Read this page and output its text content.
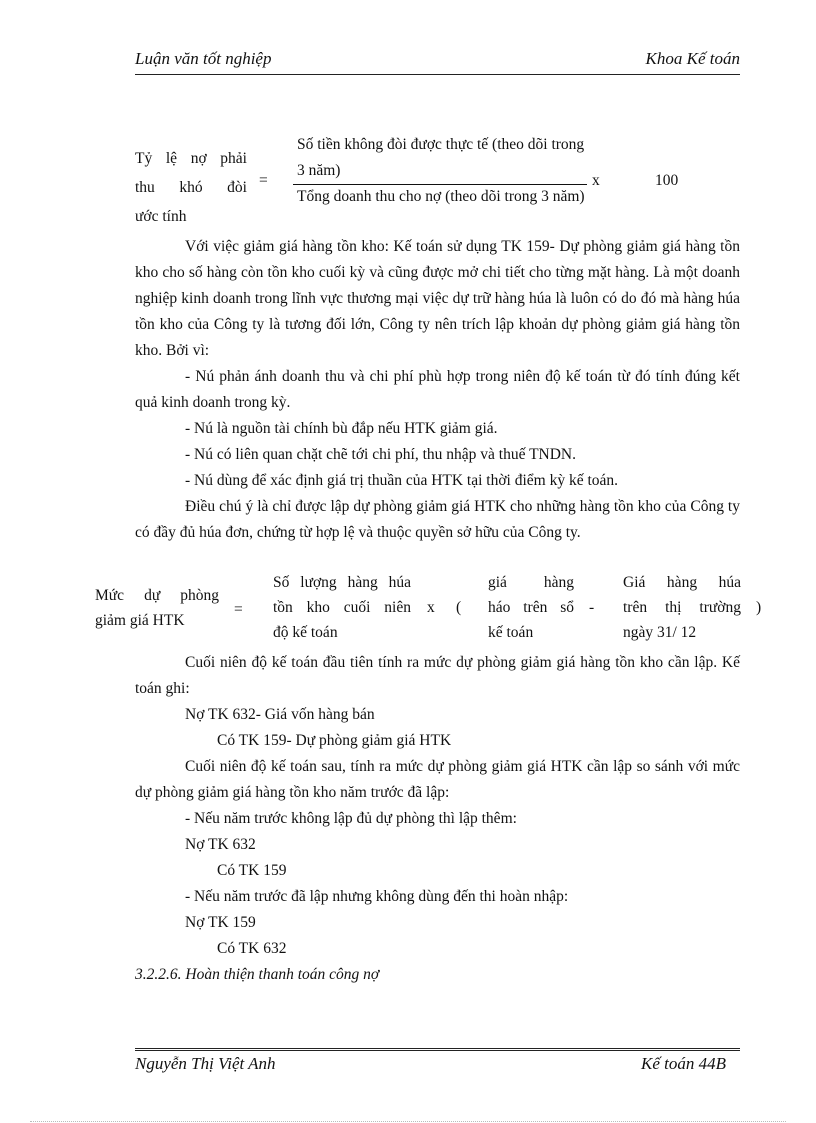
Luận văn tốt nghiệp	Khoa Kế toán
Tỷ lệ nợ phải
thu khó đòi
ước tính
=
Số tiền không đòi được thực tế (theo dõi trong 3 năm)
Tổng doanh thu cho nợ (theo dõi trong 3 năm)
x	100

Với việc giảm giá hàng tồn kho: Kế toán sử dụng TK 159- Dự phòng giảm giá hàng tồn kho cho số hàng còn tồn kho cuối kỳ và cũng được mở chi tiết cho từng mặt hàng. Là một doanh nghiệp kinh doanh trong lĩnh vực thương mại việc dự trữ hàng húa là luôn có do đó mà hàng húa tồn kho của Công ty là tương đối lớn, Công ty nên trích lập khoản dự phòng giảm giá hàng tồn kho. Bởi vì:

- Nú phản ánh doanh thu và chi phí phù hợp trong niên độ kế toán từ đó tính đúng kết quả kinh doanh trong kỳ.

- Nú là nguồn tài chính bù đắp nếu HTK giảm giá.

- Nú có liên quan chặt chẽ tới chi phí, thu nhập và thuế TNDN.

- Nú dùng để xác định giá trị thuần của HTK tại thời điểm kỳ kế toán.

Điều chú ý là chỉ được lập dự phòng giảm giá HTK cho những hàng tồn kho của Công ty có đầy đủ húa đơn, chứng từ hợp lệ và thuộc quyền sở hữu của Công ty.

Mức dự phòng
giảm giá HTK
=
Số lượng hàng húa
tồn kho cuối niên
độ kế toán
x (
giá hàng
háo trên sổ
kế toán
-
Giá hàng húa
trên thị trường
ngày 31/ 12
)

Cuối niên độ kế toán đầu tiên tính ra mức dự phòng giảm giá hàng tồn kho cần lập. Kế toán ghi:

Nợ TK 632- Giá vốn hàng bán

Có TK 159- Dự phòng giảm giá HTK

Cuối niên độ kế toán sau, tính ra mức dự phòng giảm giá HTK cần lập so sánh với mức dự phòng giảm giá hàng tồn kho năm trước đã lập:

- Nếu năm trước không lập đủ dự phòng thì lập thêm:

Nợ TK 632

Có TK 159

- Nếu năm trước đã lập nhưng không dùng đến thi hoàn nhập:

Nợ TK 159

Có TK 632

3.2.2.6. Hoàn thiện thanh toán công nợ

Nguyễn Thị Việt Anh	Kế toán 44B
